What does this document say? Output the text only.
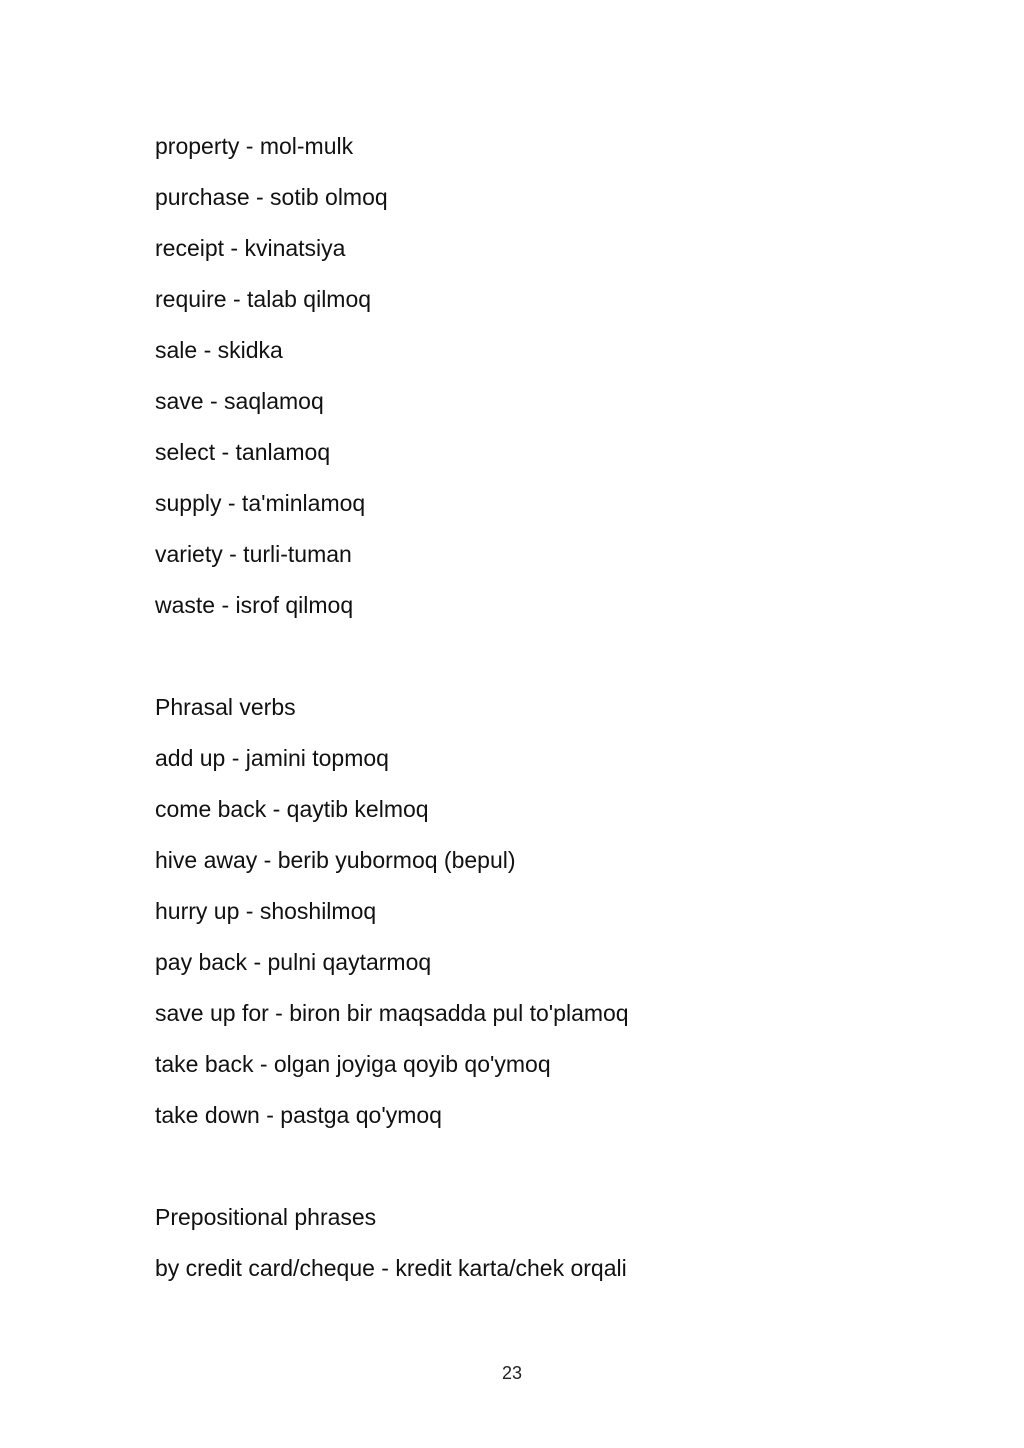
property - mol-mulk
purchase - sotib olmoq
receipt - kvinatsiya
require - talab qilmoq
sale - skidka
save - saqlamoq
select - tanlamoq
supply - ta'minlamoq
variety - turli-tuman
waste - isrof qilmoq
Phrasal verbs
add up - jamini topmoq
come back - qaytib kelmoq
hive away - berib yubormoq (bepul)
hurry up - shoshilmoq
pay back - pulni qaytarmoq
save up for - biron bir maqsadda pul to'plamoq
take back - olgan joyiga qoyib qo'ymoq
take down - pastga qo'ymoq
Prepositional phrases
by credit card/cheque - kredit karta/chek orqali
23
